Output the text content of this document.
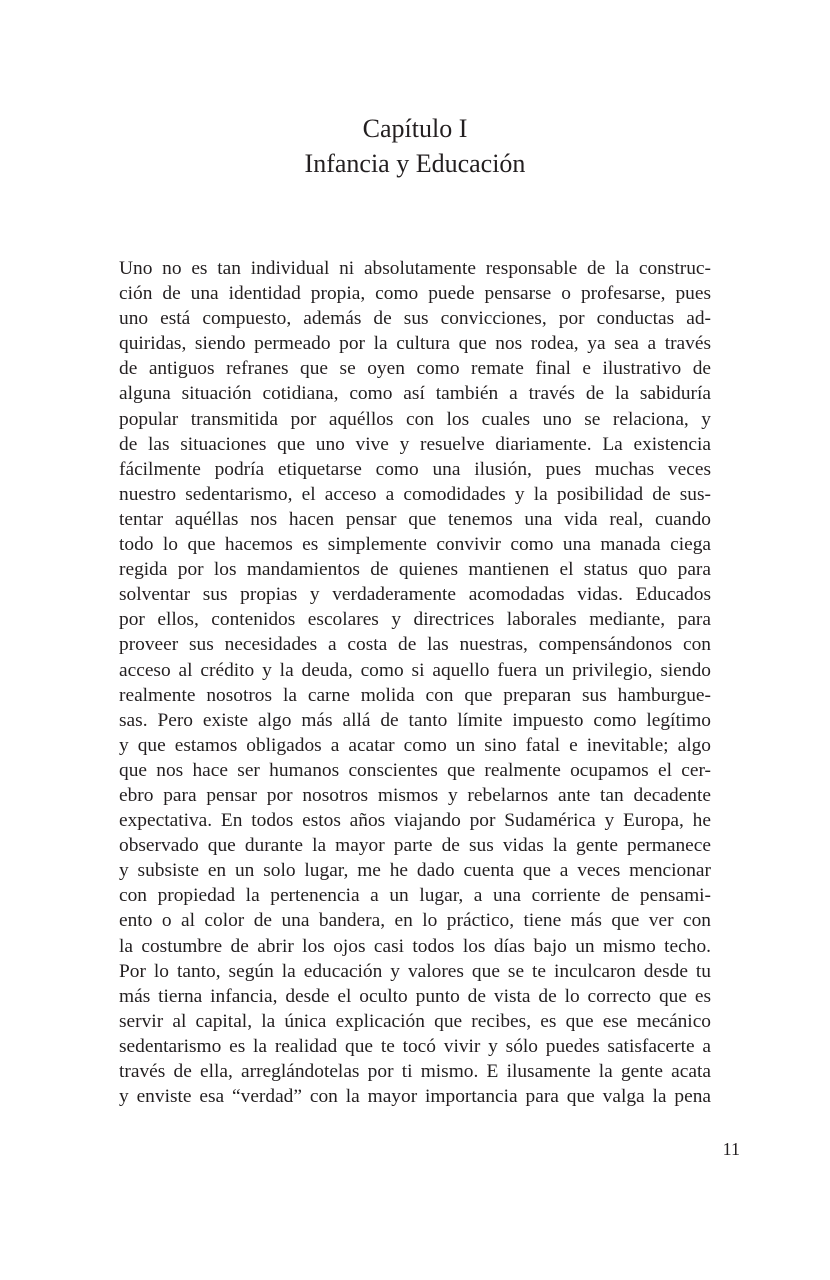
Capítulo I
Infancia y Educación
Uno no es tan individual ni absolutamente responsable de la construc-
ción de una identidad propia, como puede pensarse o profesarse, pues
uno está compuesto, además de sus convicciones, por conductas ad-
quiridas, siendo permeado por la cultura que nos rodea, ya sea a través
de antiguos refranes que se oyen como remate final e ilustrativo de
alguna situación cotidiana, como así también a través de la sabiduría
popular transmitida por aquéllos con los cuales uno se relaciona, y
de las situaciones que uno vive y resuelve diariamente. La existencia
fácilmente podría etiquetarse como una ilusión, pues muchas veces
nuestro sedentarismo, el acceso a comodidades y la posibilidad de sus-
tentar aquéllas nos hacen pensar que tenemos una vida real, cuando
todo lo que hacemos es simplemente convivir como una manada ciega
regida por los mandamientos de quienes mantienen el status quo para
solventar sus propias y verdaderamente acomodadas vidas. Educados
por ellos, contenidos escolares y directrices laborales mediante, para
proveer sus necesidades a costa de las nuestras, compensándonos con
acceso al crédito y la deuda, como si aquello fuera un privilegio, siendo
realmente nosotros la carne molida con que preparan sus hamburgue-
sas. Pero existe algo más allá de tanto límite impuesto como legítimo
y que estamos obligados a acatar como un sino fatal e inevitable; algo
que nos hace ser humanos conscientes que realmente ocupamos el cer-
ebro para pensar por nosotros mismos y rebelarnos ante tan decadente
expectativa. En todos estos años viajando por Sudamérica y Europa, he
observado que durante la mayor parte de sus vidas la gente permanece
y subsiste en un solo lugar, me he dado cuenta que a veces mencionar
con propiedad la pertenencia a un lugar, a una corriente de pensami-
ento o al color de una bandera, en lo práctico, tiene más que ver con
la costumbre de abrir los ojos casi todos los días bajo un mismo techo.
Por lo tanto, según la educación y valores que se te inculcaron desde tu
más tierna infancia, desde el oculto punto de vista de lo correcto que es
servir al capital, la única explicación que recibes, es que ese mecánico
sedentarismo es la realidad que te tocó vivir y sólo puedes satisfacerte a
través de ella, arreglándotelas por ti mismo. E ilusamente la gente acata
y enviste esa “verdad” con la mayor importancia para que valga la pena
11
